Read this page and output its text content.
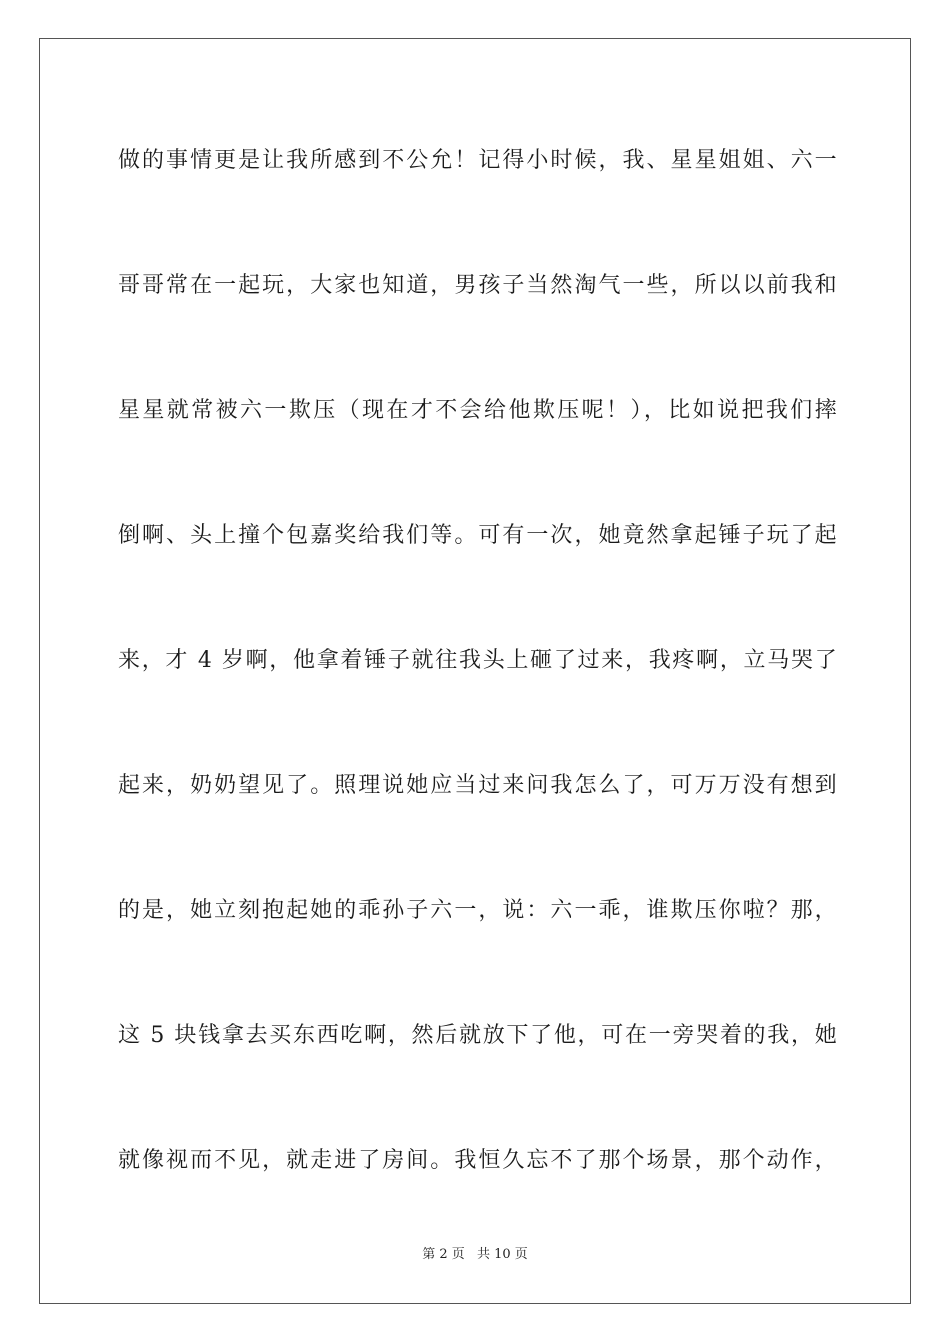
做的事情更是让我所感到不公允！记得小时候，我、星星姐姐、六一
哥哥常在一起玩，大家也知道，男孩子当然淘气一些，所以以前我和
星星就常被六一欺压（现在才不会给他欺压呢！），比如说把我们摔
倒啊、头上撞个包嘉奖给我们等。可有一次，她竟然拿起锤子玩了起
来，才 4 岁啊，他拿着锤子就往我头上砸了过来，我疼啊，立马哭了
起来，奶奶望见了。照理说她应当过来问我怎么了，可万万没有想到
的是，她立刻抱起她的乖孙子六一，说：六一乖，谁欺压你啦？那，
这 5 块钱拿去买东西吃啊，然后就放下了他，可在一旁哭着的我，她
就像视而不见，就走进了房间。我恒久忘不了那个场景，那个动作，
第 2 页 共 10 页
